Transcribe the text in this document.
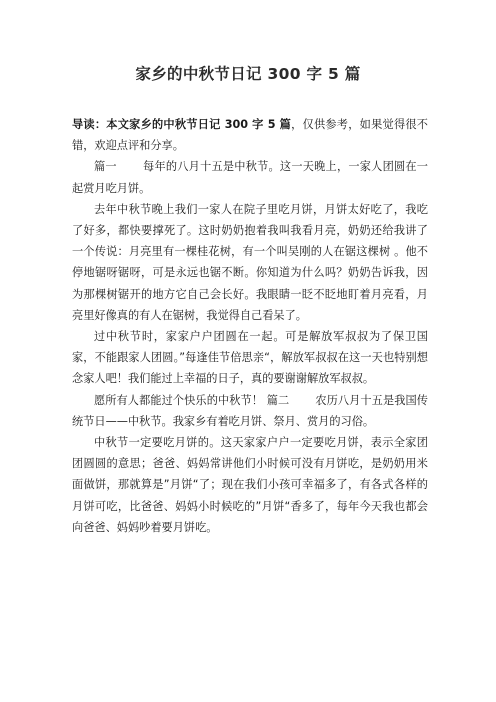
家乡的中秋节日记 300 字 5 篇

导读：本文家乡的中秋节日记 300 字 5 篇，仅供参考，如果觉得很不错，欢迎点评和分享。

篇一 每年的八月十五是中秋节。这一天晚上，一家人团圆在一起赏月吃月饼。

去年中秋节晚上我们一家人在院子里吃月饼，月饼太好吃了，我吃了好多，都快要撑死了。这时奶奶抱着我叫我看月亮，奶奶还给我讲了一个传说：月亮里有一棵桂花树，有一个叫吴刚的人在锯这棵树 。他不停地锯呀锯呀，可是永远也锯不断。你知道为什么吗？奶奶告诉我，因为那棵树锯开的地方它自己会长好。我眼睛一眨不眨地盯着月亮看，月亮里好像真的有人在锯树，我觉得自己看呆了。

过中秋节时，家家户户团圆在一起。可是解放军叔叔为了保卫国家，不能跟家人团圆。”每逢佳节倍思亲“，解放军叔叔在这一天也特别想念家人吧！我们能过上幸福的日子，真的要谢谢解放军叔叔。

愿所有人都能过个快乐的中秋节！ 篇二 农历八月十五是我国传统节日——中秋节。我家乡有着吃月饼、祭月、赏月的习俗。

中秋节一定要吃月饼的。这天家家户户一定要吃月饼，表示全家团团圆圆的意思；爸爸、妈妈常讲他们小时候可没有月饼吃，是奶奶用米面做饼，那就算是”月饼“了；现在我们小孩可幸福多了，有各式各样的月饼可吃，比爸爸、妈妈小时候吃的”月饼“香多了，每年今天我也都会向爸爸、妈妈吵着要月饼吃。
